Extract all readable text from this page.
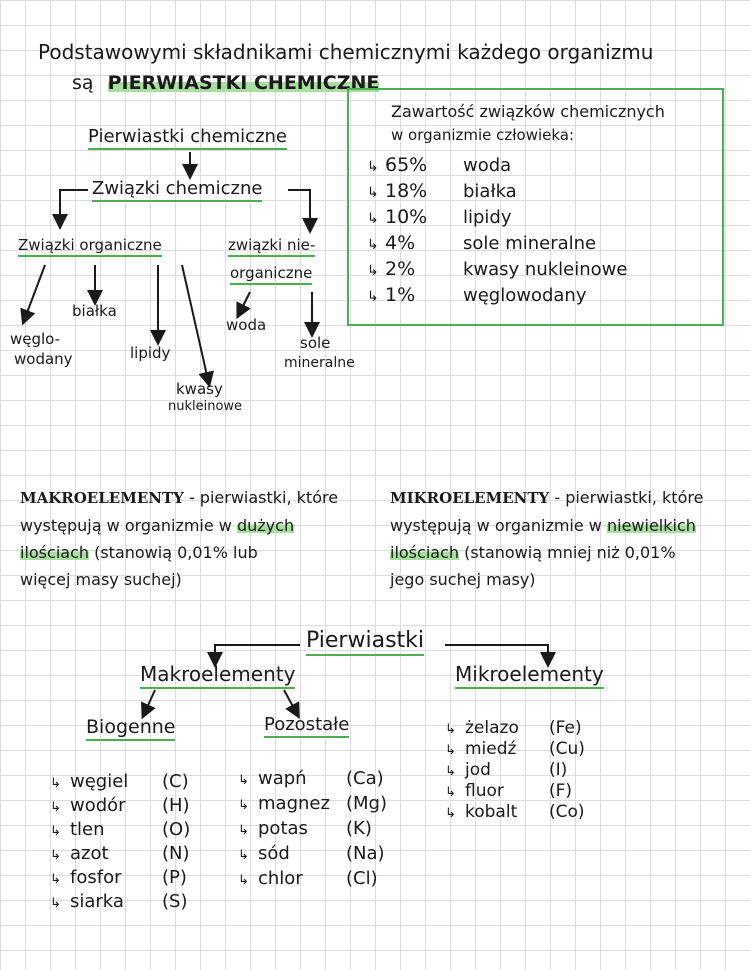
Podstawowymi składnikami chemicznymi każdego organizmu
są PIERWIASTKI CHEMICZNE
Pierwiastki chemiczne
Związki chemiczne
Związki organiczne	związki nie-
organiczne
węglo-
wodany
białka
lipidy
kwasy
nukleinowe
woda
sole
mineralne
Zawartość związków chemicznych
w organizmie człowieka:
↳ 65% woda
↳ 18% białka
↳ 10% lipidy
↳ 4%	sole mineralne
↳ 2%	kwasy nukleinowe
↳ 1%	węglowodany
MAKROELEMENTY - pierwiastki, które
występują w organizmie w dużych
ilościach (stanowią 0,01% lub
więcej masy suchej)
MIKROELEMENTY - pierwiastki, które
występują w organizmie w niewielkich
ilościach (stanowią mniej niż 0,01%
jego suchej masy)
Pierwiastki
Makroelementy	Mikroelementy
Biogenne	Pozostałe
↳ węgiel (C)
↳ wodór (H)
↳ tlen	(O)
↳ azot	(N)
↳ fosfor (P)
↳ siarka (S)
↳ wapń (Ca)
↳ magnez (Mg)
↳ potas (K)
↳ sód	(Na)
↳ chlor (Cl)
↳ żelazo (Fe)
↳ miedź (Cu)
↳ jod	(I)
↳ fluor	(F)
↳ kobalt (Co)
